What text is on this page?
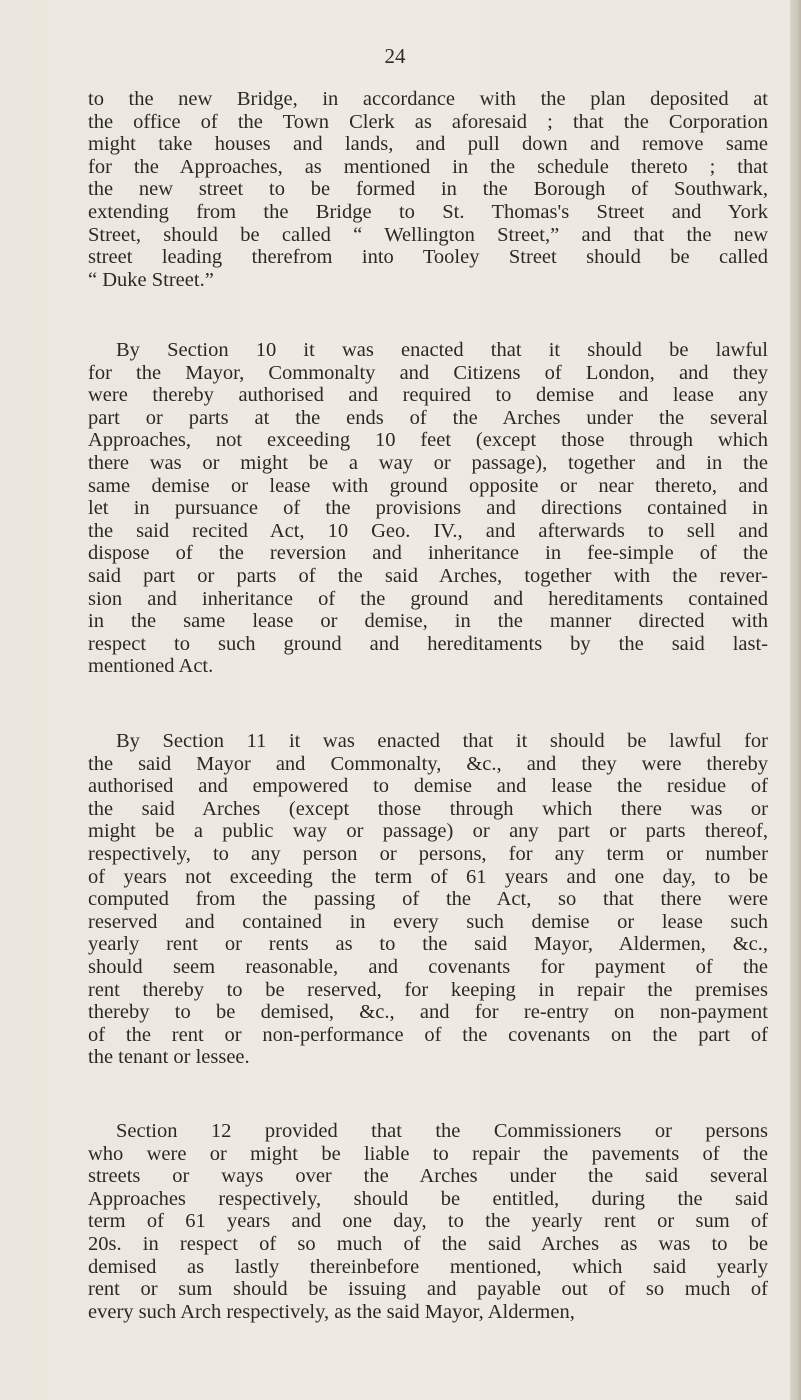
24

to the new Bridge, in accordance with the plan deposited at
the office of the Town Clerk as aforesaid ; that the Corporation
might take houses and lands, and pull down and remove same
for the Approaches, as mentioned in the schedule thereto ; that
the new street to be formed in the Borough of Southwark,
extending from the Bridge to St. Thomas's Street and York
Street, should be called “ Wellington Street,” and that the new
street leading therefrom into Tooley Street should be called
“ Duke Street.”

By Section 10 it was enacted that it should be lawful
for the Mayor, Commonalty and Citizens of London, and they
were thereby authorised and required to demise and lease any
part or parts at the ends of the Arches under the several
Approaches, not exceeding 10 feet (except those through which
there was or might be a way or passage), together and in the
same demise or lease with ground opposite or near thereto, and
let in pursuance of the provisions and directions contained in
the said recited Act, 10 Geo. IV., and afterwards to sell and
dispose of the reversion and inheritance in fee-simple of the
said part or parts of the said Arches, together with the rever-
sion and inheritance of the ground and hereditaments contained
in the same lease or demise, in the manner directed with
respect to such ground and hereditaments by the said last-
mentioned Act.

By Section 11 it was enacted that it should be lawful for
the said Mayor and Commonalty, &c., and they were thereby
authorised and empowered to demise and lease the residue of
the said Arches (except those through which there was or
might be a public way or passage) or any part or parts thereof,
respectively, to any person or persons, for any term or number
of years not exceeding the term of 61 years and one day, to be
computed from the passing of the Act, so that there were
reserved and contained in every such demise or lease such
yearly rent or rents as to the said Mayor, Aldermen, &c.,
should seem reasonable, and covenants for payment of the
rent thereby to be reserved, for keeping in repair the premises
thereby to be demised, &c., and for re-entry on non-payment
of the rent or non-performance of the covenants on the part of
the tenant or lessee.

Section 12 provided that the Commissioners or persons
who were or might be liable to repair the pavements of the
streets or ways over the Arches under the said several
Approaches respectively, should be entitled, during the said
term of 61 years and one day, to the yearly rent or sum of
20s. in respect of so much of the said Arches as was to be
demised as lastly thereinbefore mentioned, which said yearly
rent or sum should be issuing and payable out of so much of
every such Arch respectively, as the said Mayor, Aldermen,
